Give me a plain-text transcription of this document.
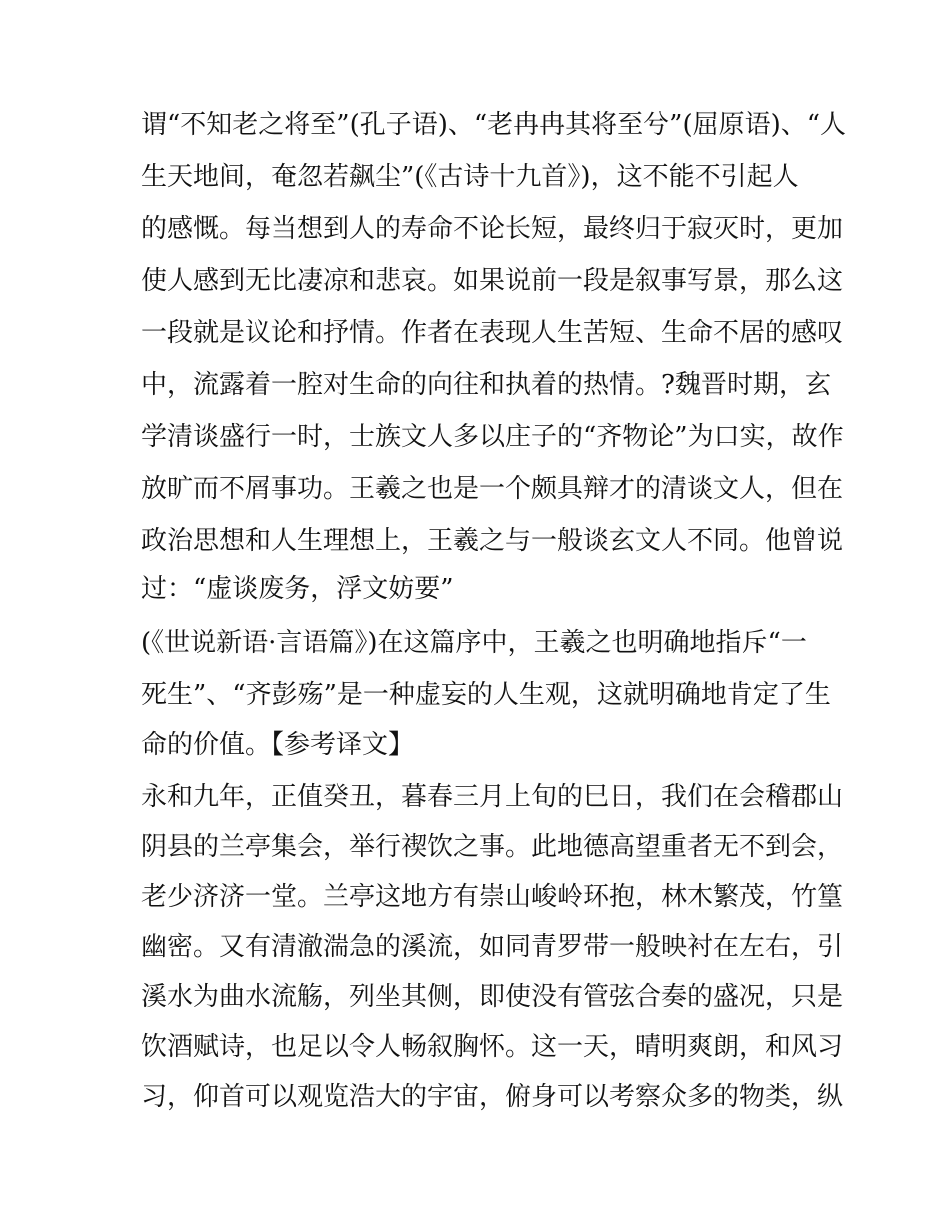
谓“不知老之将至”(孔子语)、“老冉冉其将至兮”(屈原语)、“人
生天地间，奄忽若飙尘”(《古诗十九首》)，这不能不引起人
的感慨。每当想到人的寿命不论长短，最终归于寂灭时，更加
使人感到无比凄凉和悲哀。如果说前一段是叙事写景，那么这
一段就是议论和抒情。作者在表现人生苦短、生命不居的感叹
中，流露着一腔对生命的向往和执着的热情。?魏晋时期，玄
学清谈盛行一时，士族文人多以庄子的“齐物论”为口实，故作
放旷而不屑事功。王羲之也是一个颇具辩才的清谈文人，但在
政治思想和人生理想上，王羲之与一般谈玄文人不同。他曾说
过：“虚谈废务，浮文妨要”
(《世说新语·言语篇》)在这篇序中，王羲之也明确地指斥“一
死生”、“齐彭殇”是一种虚妄的人生观，这就明确地肯定了生
命的价值。【参考译文】
永和九年，正值癸丑，暮春三月上旬的巳日，我们在会稽郡山
阴县的兰亭集会，举行禊饮之事。此地德高望重者无不到会，
老少济济一堂。兰亭这地方有崇山峻岭环抱，林木繁茂，竹篁
幽密。又有清澈湍急的溪流，如同青罗带一般映衬在左右，引
溪水为曲水流觞，列坐其侧，即使没有管弦合奏的盛况，只是
饮酒赋诗，也足以令人畅叙胸怀。这一天，晴明爽朗，和风习
习，仰首可以观览浩大的宇宙，俯身可以考察众多的物类，纵
